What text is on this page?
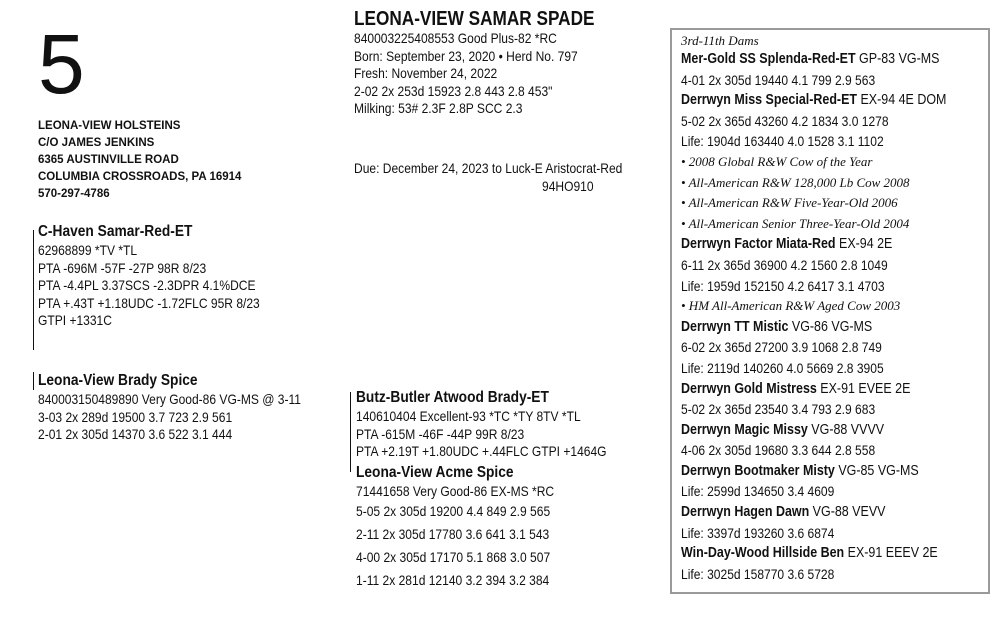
5
LEONA-VIEW HOLSTEINS
C/O JAMES JENKINS
6365 AUSTINVILLE ROAD
COLUMBIA CROSSROADS, PA 16914
570-297-4786
LEONA-VIEW SAMAR SPADE
840003225408553 Good Plus-82 *RC
Born: September 23, 2020 • Herd No. 797
Fresh: November 24, 2022
2-02 2x 253d 15923 2.8 443 2.8 453"
Milking: 53# 2.3F 2.8P SCC 2.3
Due: December 24, 2023 to Luck-E Aristocrat-Red
94HO910
C-Haven Samar-Red-ET
62968899 *TV *TL
PTA -696M -57F -27P 98R 8/23
PTA -4.4PL 3.37SCS -2.3DPR 4.1%DCE
PTA +.43T +1.18UDC -1.72FLC 95R 8/23
GTPI +1331C
Leona-View Brady Spice
840003150489890 Very Good-86 VG-MS @ 3-11
3-03 2x 289d 19500 3.7 723 2.9 561
2-01 2x 305d 14370 3.6 522 3.1 444
Butz-Butler Atwood Brady-ET
140610404 Excellent-93 *TC *TY 8TV *TL
PTA -615M -46F -44P 99R 8/23
PTA +2.19T +1.80UDC +.44FLC GTPI +1464G
Leona-View Acme Spice
71441658 Very Good-86 EX-MS *RC
5-05 2x 305d 19200 4.4 849 2.9 565
2-11 2x 305d 17780 3.6 641 3.1 543
4-00 2x 305d 17170 5.1 868 3.0 507
1-11 2x 281d 12140 3.2 394 3.2 384
3rd-11th Dams
Mer-Gold SS Splenda-Red-ET GP-83 VG-MS
4-01 2x 305d 19440 4.1 799 2.9 563
Derrwyn Miss Special-Red-ET EX-94 4E DOM
5-02 2x 365d 43260 4.2 1834 3.0 1278
Life: 1904d 163440 4.0 1528 3.1 1102
• 2008 Global R&W Cow of the Year
• All-American R&W 128,000 Lb Cow 2008
• All-American R&W Five-Year-Old 2006
• All-American Senior Three-Year-Old 2004
Derrwyn Factor Miata-Red EX-94 2E
6-11 2x 365d 36900 4.2 1560 2.8 1049
Life: 1959d 152150 4.2 6417 3.1 4703
• HM All-American R&W Aged Cow 2003
Derrwyn TT Mistic VG-86 VG-MS
6-02 2x 365d 27200 3.9 1068 2.8 749
Life: 2119d 140260 4.0 5669 2.8 3905
Derrwyn Gold Mistress EX-91 EVEE 2E
5-02 2x 365d 23540 3.4 793 2.9 683
Derrwyn Magic Missy VG-88 VVVV
4-06 2x 305d 19680 3.3 644 2.8 558
Derrwyn Bootmaker Misty VG-85 VG-MS
Life: 2599d 134650 3.4 4609
Derrwyn Hagen Dawn VG-88 VEVV
Life: 3397d 193260 3.6 6874
Win-Day-Wood Hillside Ben EX-91 EEEV 2E
Life: 3025d 158770 3.6 5728
